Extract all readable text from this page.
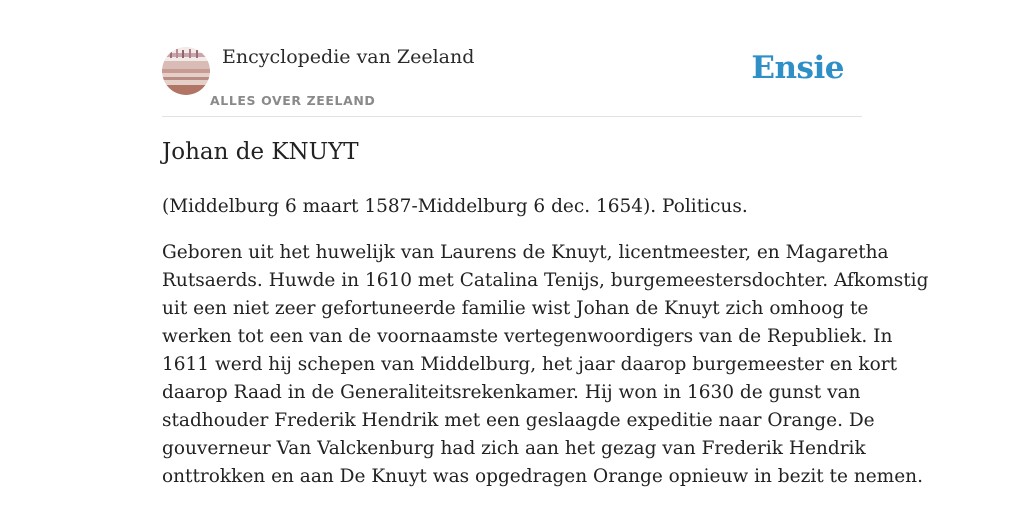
Encyclopedie van Zeeland
ALLES OVER ZEELAND
Ensie
Johan de KNUYT

(Middelburg 6 maart 1587-Middelburg 6 dec. 1654). Politicus.

Geboren uit het huwelijk van Laurens de Knuyt, licentmeester, en Magaretha
Rutsaerds. Huwde in 1610 met Catalina Tenijs, burgemeestersdochter. Afkomstig
uit een niet zeer gefortuneerde familie wist Johan de Knuyt zich omhoog te
werken tot een van de voornaamste vertegenwoordigers van de Republiek. In
1611 werd hij schepen van Middelburg, het jaar daarop burgemeester en kort
daarop Raad in de Generaliteitsrekenkamer. Hij won in 1630 de gunst van
stadhouder Frederik Hendrik met een geslaagde expeditie naar Orange. De
gouverneur Van Valckenburg had zich aan het gezag van Frederik Hendrik
onttrokken en aan De Knuyt was opgedragen Orange opnieuw in bezit te nemen.
